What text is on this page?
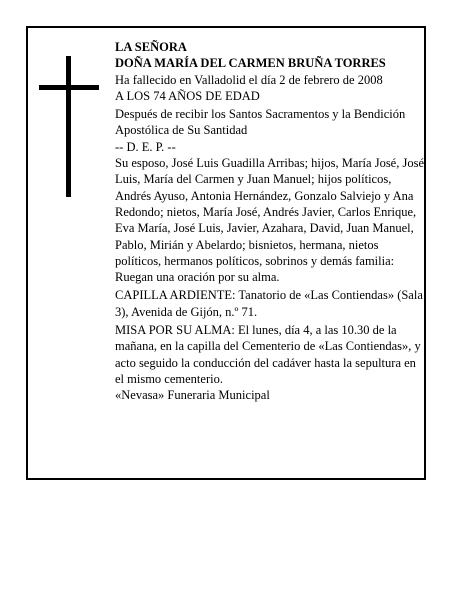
LA SEÑORA

DOÑA MARÍA DEL CARMEN BRUÑA TORRES

Ha fallecido en Valladolid el día 2 de febrero de 2008

A LOS 74 AÑOS DE EDAD

Después de recibir los Santos Sacramentos y la Bendición Apostólica de Su Santidad

-- D. E. P. --

Su esposo, José Luis Guadilla Arribas; hijos, María José, José Luis, María del Carmen y Juan Manuel; hijos políticos, Andrés Ayuso, Antonia Hernández, Gonzalo Salviejo y Ana Redondo; nietos, María José, Andrés Javier, Carlos Enrique, Eva María, José Luis, Javier, Azahara, David, Juan Manuel, Pablo, Mirián y Abelardo; bisnietos, hermana, nietos políticos, hermanos políticos, sobrinos y demás familia:

Ruegan una oración por su alma.

CAPILLA ARDIENTE: Tanatorio de «Las Contiendas» (Sala 3), Avenida de Gijón, n.º 71.

MISA POR SU ALMA: El lunes, día 4, a las 10.30 de la mañana, en la capilla del Cementerio de «Las Contiendas», y acto seguido la conducción del cadáver hasta la sepultura en el mismo cementerio.

«Nevasa» Funeraria Municipal
